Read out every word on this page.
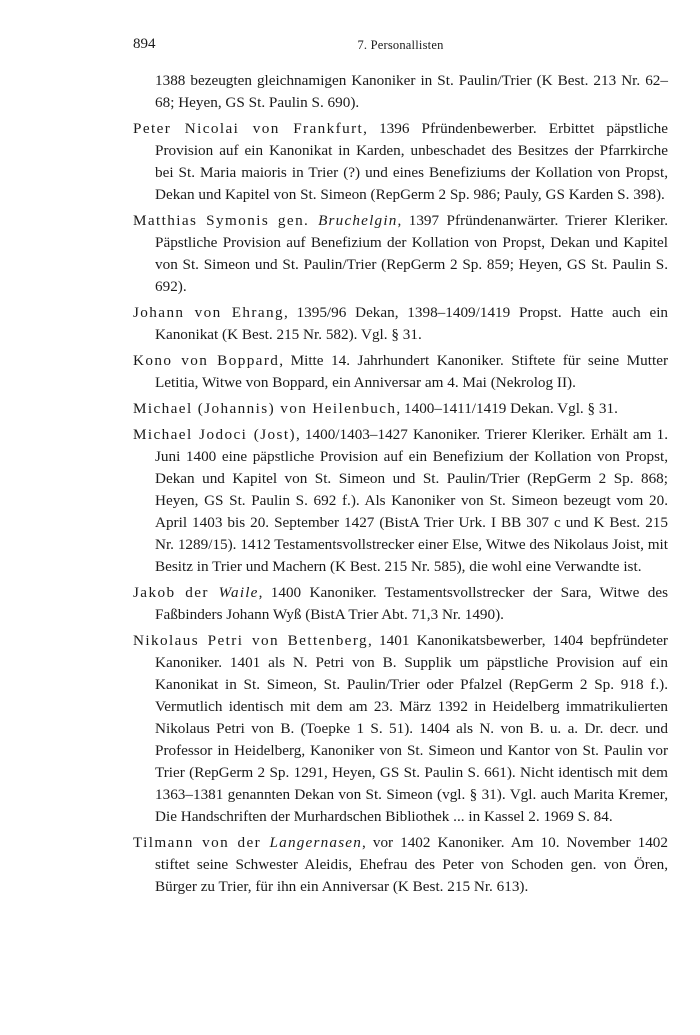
894	7. Personallisten

1388 bezeugten gleichnamigen Kanoniker in St. Paulin/Trier (K Best. 213 Nr. 62–68; Heyen, GS St. Paulin S. 690).

Peter Nicolai von Frankfurt, 1396 Pfründenbewerber. Erbittet päpstliche Provision auf ein Kanonikat in Karden, unbeschadet des Besitzes der Pfarrkirche bei St. Maria maioris in Trier (?) und eines Benefiziums der Kollation von Propst, Dekan und Kapitel von St. Simeon (RepGerm 2 Sp. 986; Pauly, GS Karden S. 398).

Matthias Symonis gen. Bruchelgin, 1397 Pfründenanwärter. Trierer Kleriker. Päpstliche Provision auf Benefizium der Kollation von Propst, Dekan und Kapitel von St. Simeon und St. Paulin/Trier (RepGerm 2 Sp. 859; Heyen, GS St. Paulin S. 692).

Johann von Ehrang, 1395/96 Dekan, 1398–1409/1419 Propst. Hatte auch ein Kanonikat (K Best. 215 Nr. 582). Vgl. § 31.

Kono von Boppard, Mitte 14. Jahrhundert Kanoniker. Stiftete für seine Mutter Letitia, Witwe von Boppard, ein Anniversar am 4. Mai (Nekrolog II).

Michael (Johannis) von Heilenbuch, 1400–1411/1419 Dekan. Vgl. § 31.

Michael Jodoci (Jost), 1400/1403–1427 Kanoniker. Trierer Kleriker. Erhält am 1. Juni 1400 eine päpstliche Provision auf ein Benefizium der Kollation von Propst, Dekan und Kapitel von St. Simeon und St. Paulin/Trier (RepGerm 2 Sp. 868; Heyen, GS St. Paulin S. 692 f.). Als Kanoniker von St. Simeon bezeugt vom 20. April 1403 bis 20. September 1427 (BistA Trier Urk. I BB 307 c und K Best. 215 Nr. 1289/15). 1412 Testamentsvollstrecker einer Else, Witwe des Nikolaus Joist, mit Besitz in Trier und Machern (K Best. 215 Nr. 585), die wohl eine Verwandte ist.

Jakob der Waile, 1400 Kanoniker. Testamentsvollstrecker der Sara, Witwe des Faßbinders Johann Wyß (BistA Trier Abt. 71,3 Nr. 1490).

Nikolaus Petri von Bettenberg, 1401 Kanonikatsbewerber, 1404 bepfründeter Kanoniker. 1401 als N. Petri von B. Supplik um päpstliche Provision auf ein Kanonikat in St. Simeon, St. Paulin/Trier oder Pfalzel (RepGerm 2 Sp. 918 f.). Vermutlich identisch mit dem am 23. März 1392 in Heidelberg immatrikulierten Nikolaus Petri von B. (Toepke 1 S. 51). 1404 als N. von B. u. a. Dr. decr. und Professor in Heidelberg, Kanoniker von St. Simeon und Kantor von St. Paulin vor Trier (RepGerm 2 Sp. 1291, Heyen, GS St. Paulin S. 661). Nicht identisch mit dem 1363–1381 genannten Dekan von St. Simeon (vgl. § 31). Vgl. auch Marita Kremer, Die Handschriften der Murhardschen Bibliothek ... in Kassel 2. 1969 S. 84.

Tilmann von der Langernasen, vor 1402 Kanoniker. Am 10. November 1402 stiftet seine Schwester Aleidis, Ehefrau des Peter von Schoden gen. von Ören, Bürger zu Trier, für ihn ein Anniversar (K Best. 215 Nr. 613).
